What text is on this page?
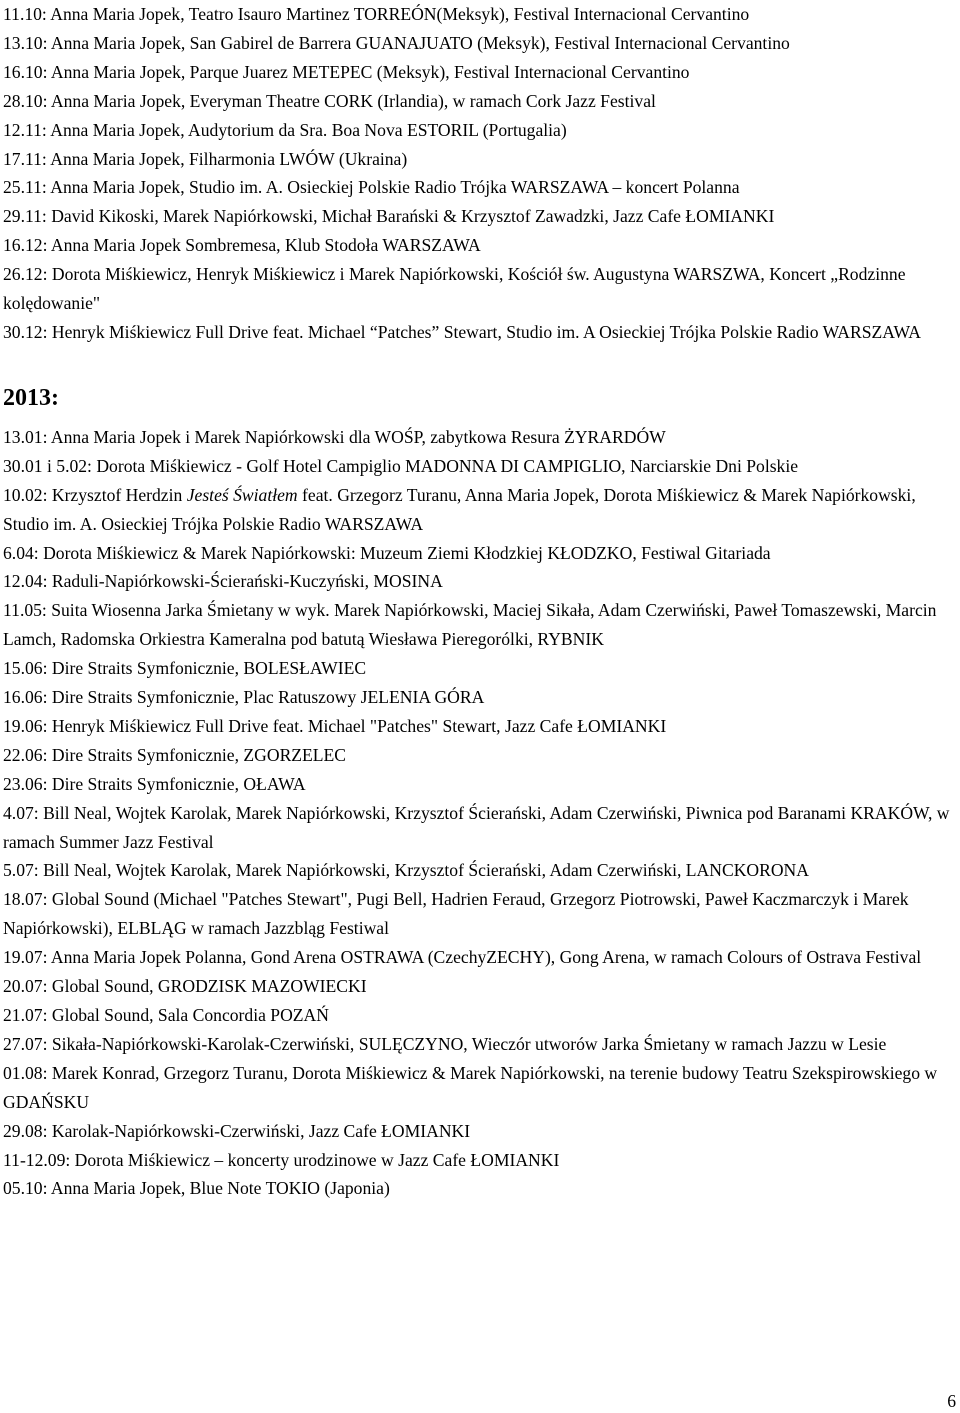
11.10: Anna Maria Jopek, Teatro Isauro Martinez TORREÓN(Meksyk), Festival Internacional Cervantino
13.10: Anna Maria Jopek, San Gabirel de Barrera GUANAJUATO (Meksyk), Festival Internacional Cervantino
16.10: Anna Maria Jopek, Parque Juarez METEPEC (Meksyk), Festival Internacional Cervantino
28.10: Anna Maria Jopek, Everyman Theatre CORK (Irlandia), w ramach Cork Jazz Festival
12.11: Anna Maria Jopek, Audytorium da Sra. Boa Nova ESTORIL (Portugalia)
17.11: Anna Maria Jopek, Filharmonia LWÓW (Ukraina)
25.11: Anna Maria Jopek, Studio im. A. Osieckiej Polskie Radio Trójka WARSZAWA – koncert Polanna
29.11: David Kikoski, Marek Napiórkowski, Michał Barański & Krzysztof Zawadzki, Jazz Cafe ŁOMIANKI
16.12: Anna Maria Jopek Sombremesa, Klub Stodoła WARSZAWA
26.12: Dorota Miśkiewicz, Henryk Miśkiewicz i Marek Napiórkowski, Kościół św. Augustyna WARSZWA, Koncert „Rodzinne kolędowanie"
30.12: Henryk Miśkiewicz Full Drive feat. Michael “Patches” Stewart, Studio im. A Osieckiej Trójka Polskie Radio WARSZAWA
2013:
13.01: Anna Maria Jopek i Marek Napiórkowski dla WOŚP, zabytkowa Resura ŻYRARDÓW
30.01 i 5.02: Dorota Miśkiewicz - Golf Hotel Campiglio MADONNA DI CAMPIGLIO, Narciarskie Dni Polskie
10.02: Krzysztof Herdzin Jesteś Światłem feat. Grzegorz Turanu, Anna Maria Jopek, Dorota Miśkiewicz & Marek Napiórkowski, Studio im. A. Osieckiej Trójka Polskie Radio WARSZAWA
6.04: Dorota Miśkiewicz & Marek Napiórkowski: Muzeum Ziemi Kłodzkiej KŁODZKO, Festiwal Gitariada
12.04: Raduli-Napiórkowski-Ścierański-Kuczyński, MOSINA
11.05: Suita Wiosenna Jarka Śmietany w wyk. Marek Napiórkowski, Maciej Sikała, Adam Czerwiński, Paweł Tomaszewski, Marcin Lamch, Radomska Orkiestra Kameralna pod batutą Wiesława Pieregorólki, RYBNIK
15.06: Dire Straits Symfonicznie, BOLESŁAWIEC
16.06: Dire Straits Symfonicznie, Plac Ratuszowy JELENIA GÓRA
19.06: Henryk Miśkiewicz Full Drive feat. Michael "Patches" Stewart, Jazz Cafe ŁOMIANKI
22.06: Dire Straits Symfonicznie, ZGORZELEC
23.06: Dire Straits Symfonicznie, OŁAWA
4.07: Bill Neal, Wojtek Karolak, Marek Napiórkowski, Krzysztof Ścierański, Adam Czerwiński, Piwnica pod Baranami KRAKÓW, w ramach Summer Jazz Festival
5.07: Bill Neal, Wojtek Karolak, Marek Napiórkowski, Krzysztof Ścierański, Adam Czerwiński, LANCKORONA
18.07: Global Sound (Michael "Patches Stewart", Pugi Bell, Hadrien Feraud, Grzegorz Piotrowski, Paweł Kaczmarczyk i Marek Napiórkowski), ELBLĄG w ramach Jazzbląg Festiwal
19.07: Anna Maria Jopek Polanna, Gond Arena OSTRAWA (CzechyZECHY), Gong Arena, w ramach Colours of Ostrava Festival
20.07: Global Sound, GRODZISK MAZOWIECKI
21.07: Global Sound, Sala Concordia POZAŃ
27.07: Sikała-Napiórkowski-Karolak-Czerwiński, SULĘCZYNO, Wieczór utworów Jarka Śmietany w ramach Jazzu w Lesie
01.08: Marek Konrad, Grzegorz Turanu, Dorota Miśkiewicz & Marek Napiórkowski, na terenie budowy Teatru Szekspirowskiego w GDAŃSKU
29.08: Karolak-Napiórkowski-Czerwiński, Jazz Cafe ŁOMIANKI
11-12.09: Dorota Miśkiewicz – koncerty urodzinowe w Jazz Cafe ŁOMIANKI
05.10: Anna Maria Jopek, Blue Note TOKIO (Japonia)
6
